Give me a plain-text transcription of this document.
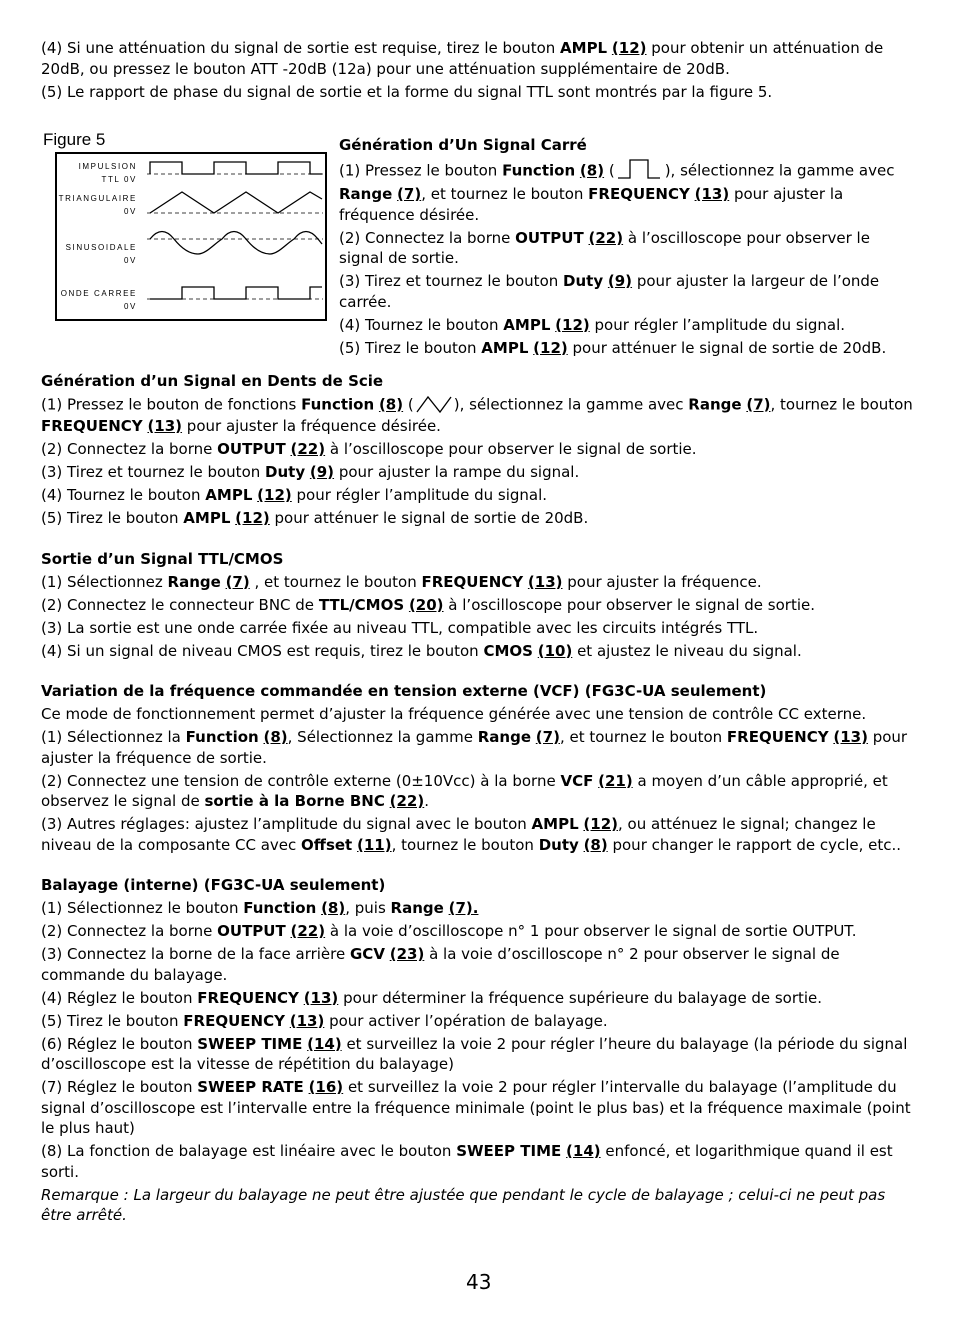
(4) Si une atténuation du signal de sortie est requise, tirez le bouton AMPL (12) pour obtenir un atténuation de 20dB, ou pressez le bouton ATT -20dB (12a) pour une atténuation supplémentaire de 20dB.

(5) Le rapport de phase du signal de sortie et la forme du signal TTL sont montrés par la figure 5.

Figure 5
IMPULSION
TTL 0V
TRIANGULAIRE
0V
SINUSOIDALE
0V
ONDE CARREE
0V

Génération d’Un Signal Carré

(1) Pressez le bouton Function (8) (	), sélectionnez la gamme avec Range (7), et tournez le bouton FREQUENCY (13) pour ajuster la fréquence désirée.

(2) Connectez la borne OUTPUT (22) à l’oscilloscope pour observer le signal de sortie.

(3) Tirez et tournez le bouton Duty (9) pour ajuster la largeur de l’onde carrée.

(4) Tournez le bouton AMPL (12) pour régler l’amplitude du signal.

(5) Tirez le bouton AMPL (12) pour atténuer le signal de sortie de 20dB.

Génération d’un Signal en Dents de Scie

(1) Pressez le bouton de fonctions Function (8) (	), sélectionnez la gamme avec Range (7), tournez le bouton FREQUENCY (13) pour ajuster la fréquence désirée.

(2) Connectez la borne OUTPUT (22) à l’oscilloscope pour observer le signal de sortie.

(3) Tirez et tournez le bouton Duty (9) pour ajuster la rampe du signal.

(4) Tournez le bouton AMPL (12) pour régler l’amplitude du signal.

(5) Tirez le bouton AMPL (12) pour atténuer le signal de sortie de 20dB.

Sortie d’un Signal TTL/CMOS

(1) Sélectionnez Range (7) , et tournez le bouton FREQUENCY (13) pour ajuster la fréquence.

(2) Connectez le connecteur BNC de TTL/CMOS (20) à l’oscilloscope pour observer le signal de sortie.

(3) La sortie est une onde carrée fixée au niveau TTL, compatible avec les circuits intégrés TTL.

(4) Si un signal de niveau CMOS est requis, tirez le bouton CMOS (10) et ajustez le niveau du signal.

Variation de la fréquence commandée en tension externe (VCF) (FG3C-UA seulement)

Ce mode de fonctionnement permet d’ajuster la fréquence générée avec une tension de contrôle CC externe.

(1) Sélectionnez la Function (8), Sélectionnez la gamme Range (7), et tournez le bouton FREQUENCY (13) pour ajuster la fréquence de sortie.

(2) Connectez une tension de contrôle externe (0±10Vcc) à la borne VCF (21) a moyen d’un câble approprié, et observez le signal de sortie à la Borne BNC (22).

(3) Autres réglages: ajustez l’amplitude du signal avec le bouton AMPL (12), ou atténuez le signal; changez le niveau de la composante CC avec Offset (11), tournez le bouton Duty (8) pour changer le rapport de cycle, etc..

Balayage (interne) (FG3C-UA seulement)

(1) Sélectionnez le bouton Function (8), puis Range (7).

(2) Connectez la borne OUTPUT (22) à la voie d’oscilloscope n° 1 pour observer le signal de sortie OUTPUT.

(3) Connectez la borne de la face arrière GCV (23) à la voie d’oscilloscope n° 2 pour observer le signal de commande du balayage.

(4) Réglez le bouton FREQUENCY (13) pour déterminer la fréquence supérieure du balayage de sortie.

(5) Tirez le bouton FREQUENCY (13) pour activer l’opération de balayage.

(6) Réglez le bouton SWEEP TIME (14) et surveillez la voie 2 pour régler l’heure du balayage (la période du signal d’oscilloscope est la vitesse de répétition du balayage)

(7) Réglez le bouton SWEEP RATE (16) et surveillez la voie 2 pour régler l’intervalle du balayage (l’amplitude du signal d’oscilloscope est l’intervalle entre la fréquence minimale (point le plus bas) et la fréquence maximale (point le plus haut)

(8) La fonction de balayage est linéaire avec le bouton SWEEP TIME (14) enfoncé, et logarithmique quand il est sorti.

Remarque : La largeur du balayage ne peut être ajustée que pendant le cycle de balayage ; celui-ci ne peut pas être arrêté.

43
